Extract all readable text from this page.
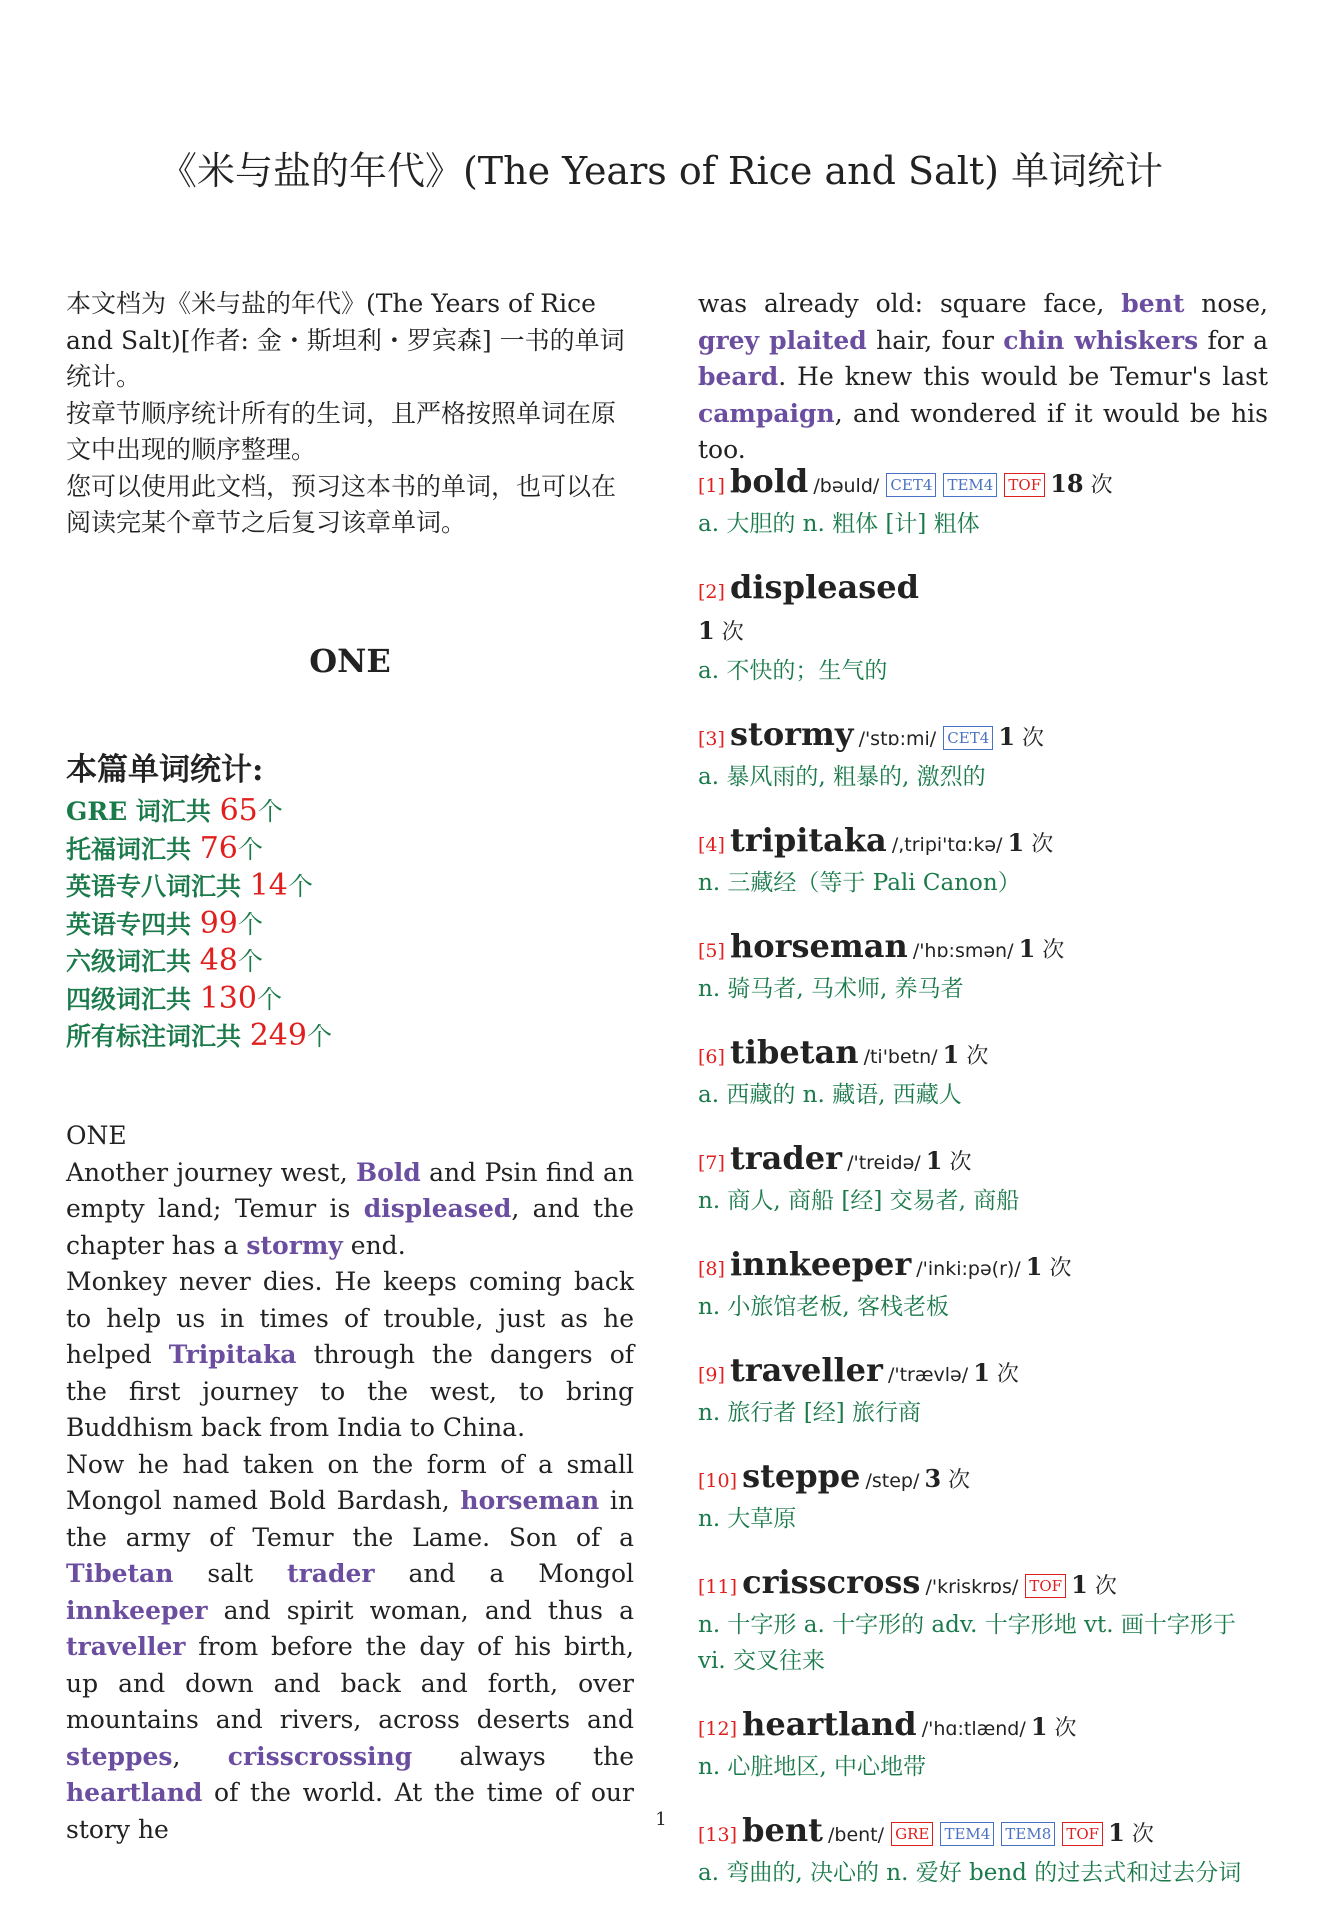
《米与盐的年代》(The Years of Rice and Salt) 单词统计

本文档为《米与盐的年代》(The Years of Rice and Salt)[作者: 金・斯坦利・罗宾森] 一书的单词统计。

按章节顺序统计所有的生词，且严格按照单词在原文中出现的顺序整理。

您可以使用此文档，预习这本书的单词，也可以在阅读完某个章节之后复习该章单词。

ONE
本篇单词统计:
GRE 词汇共 65个
托福词汇共 76个
英语专八词汇共 14个
英语专四共 99个
六级词汇共 48个
四级词汇共 130个
所有标注词汇共 249个

ONE

Another journey west, Bold and Psin find an empty land; Temur is displeased, and the chapter has a stormy end.

Monkey never dies. He keeps coming back to help us in times of trouble, just as he helped Tripitaka through the dangers of the first journey to the west, to bring Buddhism back from India to China.

Now he had taken on the form of a small Mongol named Bold Bardash, horseman in the army of Temur the Lame. Son of a Tibetan salt trader and a Mongol innkeeper and spirit woman, and thus a traveller from before the day of his birth, up and down and back and forth, over mountains and rivers, across deserts and steppes, crisscrossing always the heartland of the world. At the time of our story he

was already old: square face, bent nose, grey plaited hair, four chin whiskers for a beard. He knew this would be Temur's last campaign, and wondered if it would be his too.

[1] bold /bəuld/ CET4 TEM4 TOF 18 次
a. 大胆的 n. 粗体 [计] 粗体
[2] displeased
1 次
a. 不快的；生气的
[3] stormy /'stɒ:mi/ CET4 1 次
a. 暴风雨的, 粗暴的, 激烈的
[4] tripitaka /,tripi'tɑ:kə/ 1 次
n. 三藏经（等于 Pali Canon）
[5] horseman /'hɒ:smən/ 1 次
n. 骑马者, 马术师, 养马者
[6] tibetan /ti'betn/ 1 次
a. 西藏的 n. 藏语, 西藏人
[7] trader /'treidə/ 1 次
n. 商人, 商船 [经] 交易者, 商船
[8] innkeeper /'inki:pə(r)/ 1 次
n. 小旅馆老板, 客栈老板
[9] traveller /'trævlə/ 1 次
n. 旅行者 [经] 旅行商
[10] steppe /step/ 3 次
n. 大草原
[11] crisscross /'kriskrɒs/ TOF 1 次
n. 十字形 a. 十字形的 adv. 十字形地 vt. 画十字形于 vi. 交叉往来
[12] heartland /'hɑ:tlænd/ 1 次
n. 心脏地区, 中心地带
[13] bent /bent/ GRE TEM4 TEM8 TOF 1 次
a. 弯曲的, 决心的 n. 爱好 bend 的过去式和过去分词
1
